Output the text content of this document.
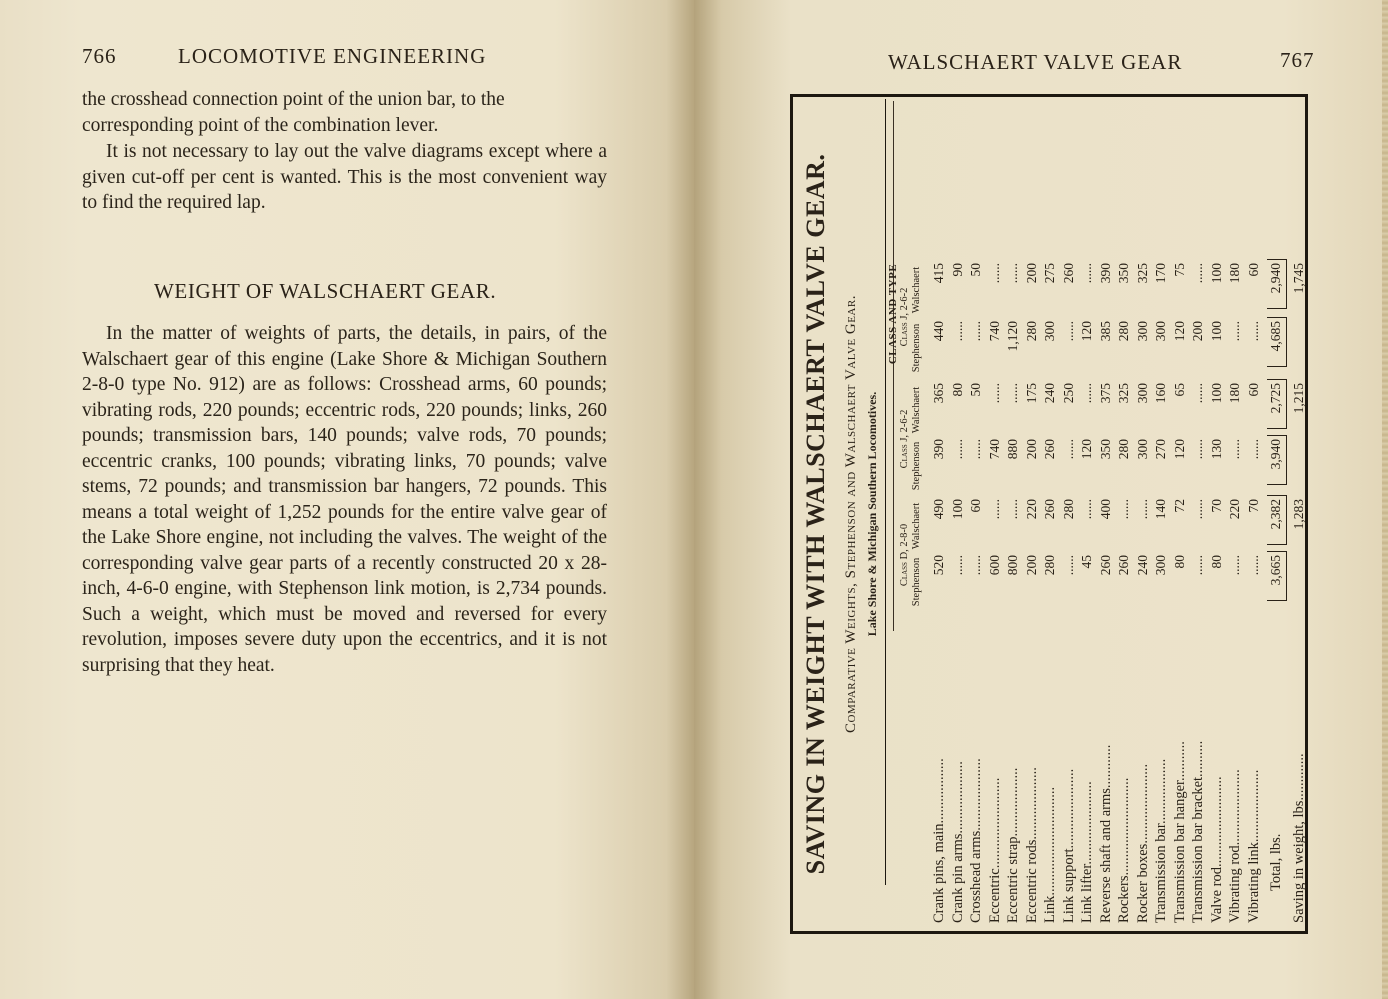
766	LOCOMOTIVE ENGINEERING
the crosshead connection point of the union bar, to the corresponding point of the combination lever.
It is not necessary to lay out the valve diagrams except where a given cut-off per cent is wanted. This is the most convenient way to find the required lap.
WEIGHT OF WALSCHAERT GEAR.
In the matter of weights of parts, the details, in pairs, of the Walschaert gear of this engine (Lake Shore & Michigan Southern 2-8-0 type No. 912) are as follows: Crosshead arms, 60 pounds; vibrating rods, 220 pounds; eccentric rods, 220 pounds; links, 260 pounds; transmission bars, 140 pounds; valve rods, 70 pounds; eccentric cranks, 100 pounds; vibrating links, 70 pounds; valve stems, 72 pounds; and transmission bar hangers, 72 pounds. This means a total weight of 1,252 pounds for the entire valve gear of the Lake Shore engine, not including the valves. The weight of the corresponding valve gear parts of a recently constructed 20 x 28-inch, 4-6-0 engine, with Stephenson link motion, is 2,734 pounds. Such a weight, which must be moved and reversed for every revolution, imposes severe duty upon the eccentrics, and it is not surprising that they heat.
WALSCHAERT VALVE GEAR	767
SAVING IN WEIGHT WITH WALSCHAERT VALVE GEAR. Comparative Weights, Stephenson and Walschaert Valve Gear. Lake Shore & Michigan Southern Locomotives.
CLASS AND TYPE
Class D, 2-8-0
Class J, 2-6-2
Class J, 2-6-2
Stephenson
Walschaert
Stephenson
Walschaert
Stephenson
Walschaert
Crank pins, main..................
520
490
390
365
440
415
Crank pin arms....................
......
100
......
80
......
90
Crosshead arms....................
......
60
......
50
......
50
Eccentric.........................
600
......
740
......
740
......
Eccentric strap...................
800
......
880
......
1,120
......
Eccentric rods....................
200
220
200
175
280
200
Link..............................
280
260
260
240
300
275
Link support......................
......
280
......
250
......
260
Link lifter.......................
45
......
120
......
120
......
Reverse shaft and arms............
260
400
350
375
385
390
Rockers...........................
260
......
280
325
280
350
Rocker boxes......................
240
......
300
300
300
325
Transmission bar..................
300
140
270
160
300
170
Transmission bar hanger...........
80
72
120
65
120
75
Transmission bar bracket..........
......
......
......
......
200
......
Valve rod.........................
80
70
130
100
100
100
Vibrating rod.....................
......
220
......
180
......
180
Vibrating link....................
......
70
......
60
......
60
Total, lbs.
3,665
2,382
3,940
2,725
4,685
2,940
Saving in weight, lbs.............
1,283
1,215
1,745
